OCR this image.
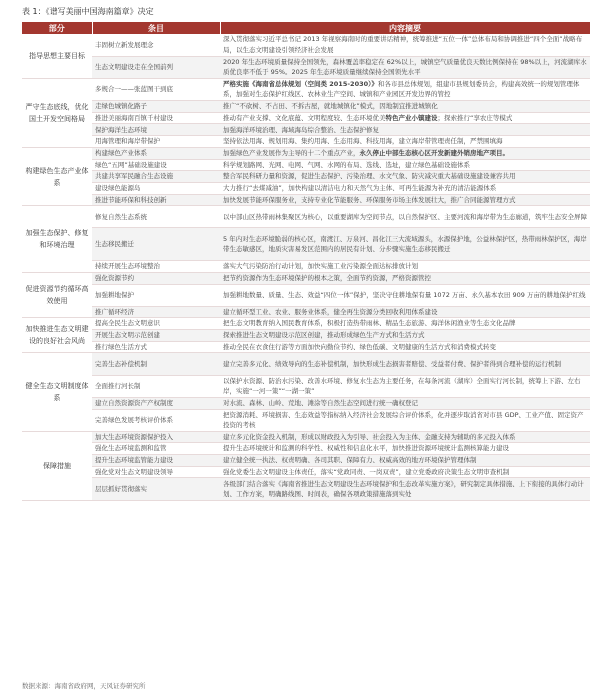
表 1：《谱写美丽中国海南篇章》决定
部分	条目	内容摘要
指导思想主要目标	丰固树立新发展理念	深入贯彻落实习近平总书记 2013 年视察海南时的重要讲话精神，统筹推进“五位一体”总体布局和协调推进“四个全面”战略布局，以生态文明建设引领经济社会发展
	生态文明建设走在全国前列	2020 年生态环境质量保持全国领先，森林覆盖率稳定在 62%以上，城镇空气质量优良天数比例保持在 98%以上，河流湖库水质优良率不低于 95%。2025 年生态环境质量继续保持全国领先水平
严守生态底线，优化国土开发空间格局	多规合一——张蓝图干到底	严格实施《海南省总体规划（空间类 2015-2030）》和各市县总体规划，组建市县规划委员会，构建高效统一的规划管理体系，加强对生态保护红线区、农林业生产空间、城镇和产业园区开发边界的管控
	走绿色城镇化路子	推广“不砍树、不占田、不拆古屋，就地城镇化”模式，因地制宜推进城镇化
	推进美丽海南百镇千村建设	推动有产业支撑、文化底蕴、文明程度较、生态环境优美特色产业小镇建设；探索推行“享农庄等模式
	保护海洋生态环境	加强海洋环境治理、海域海岛综合整治、生态保护修复
	用海管理和海岸带保护	坚持依法用海、规划用海、集约用海、生态用海、科技用海，建立海岸带管理责任制，严禁围填海
构建绿色生态产业体系	构建绿色产业体系	加强绿色产业发展作为主导的十二个重点产业，永久停止中部生态核心区开发新建外销房地产项目。
	绿色“五网”基础设施建设	科学规划路网、光网、电网、气网、水网的布局、选线、选址，建立绿色基础设施体系
	共建共享军民融合生态设施	整合军民科研力量和资源，促进生态保护、污染治理、水文气象、防灾减灾重大基础设施建设兼容共用
	建设绿色能源岛	大力推行“去煤减油”，加快构建以清洁电力和天然气为主体、可再生能源为补充的清洁能源体系
	推进节能环保和科技创新	加快发展节能环保服务业，支持专业化节能服务、环保服务市场主体发展壮大，推广合同能源管理方式
加强生态保护、修复和环境治理	修复自然生态系统	以中部山区热带雨林集聚区为核心，以重要湖库为空间节点，以自然保护区、主要河流和海岸带为生态廊道，筑牢生态安全屏障
	生态移民搬迁	5 年内对生态环境脆弱的核心区，南渡江、万泉河、昌化江三大流域源头，水源保护地，公益林保护区，热带雨林保护区，海岸带生态敏感区，地质灾害易发区范围内的居民有计划、分步骤实施生态移民搬迁
	持续开展生态环境整治	落实大气污染防治行动计划，加快实施工业污染源全面达标排放计划
促进资源节约循环高效使用	强化资源节约	把节约资源作为生态环境保护的根本之策，全面节约资源，严格资源管控
	加强耕地保护	加强耕地数量、质量、生态、效益“四位一体”保护，坚决守住耕地保有量 1072 万亩、永久基本农田 909 万亩的耕地保护红线
	推广循环经济	建立循环型工业、农业、服务业体系，健全再生资源分类回收利用体系建设
加快推进生态文明建设的良好社会风尚	提高全民生态文明意识	把生态文明教育纳入国民教育体系，积极打造热带雨林、精品生态旅游、海洋休闲渔业等生态文化品牌
	开展生态文明示范创建	探索推进生态文明建设示范区创建，推动形成绿色生产方式和生活方式
	推行绿色生活方式	推动全民在衣食住行游等方面加快向勤俭节约、绿色低碳、文明健康的生活方式和消费模式转变
健全生态文明制度体系	完善生态补偿机制	建立完善多元化、绩效导向的生态补偿机制，加快形成生态损害者赔偿、受益者付费、保护者得到合理补偿的运行机制
	全面推行河长制	以保护水资源、防治水污染、改善水环境、修复水生态为主要任务，在每条河流（湖库）全面实行河长制，统筹上下游、左右岸，实施“一河一策”“一湖一策”
	建立自然资源资产产权制度	对水流、森林、山岭、荒地、滩涂等自然生态空间进行统一确权登记
	完善绿色发展考核评价体系	把资源消耗、环境损害、生态效益等指标纳入经济社会发展综合评价体系，化并逐步取消省对市县 GDP、工业产值、固定资产投资的考核
保障措施	加大生态环境资源保护投入	建立多元化资金投入机制，形成以财政投入为引导、社会投入为主体、金融支持为辅助的多元投入体系
	强化生态环境监测和监管	提升生态环境统计和监测的科学性、权威性和信息化水平，加快推进资源环境统计监测核算能力建设
	提升生态环境监管能力建设	建立健全统一执法、权责明确、各司其职、保障有力、权威高效的地方环境保护管理体制
	强化党对生态文明建设领导	强化党委生态文明建设主体责任，落实“党政同责、一岗双责”，建立党委政府决策生态文明审查机制
	层层抓好贯彻落实	各级部门结合落实《海南省推进生态文明建设生态环境保护和生态改革实施方案》，研究制定具体措施、上下衔接的具体行动计划、工作方案，明确路线图、时间表，确保各项政策措施落到实处
数据来源：海南省政府网，天风证券研究所
